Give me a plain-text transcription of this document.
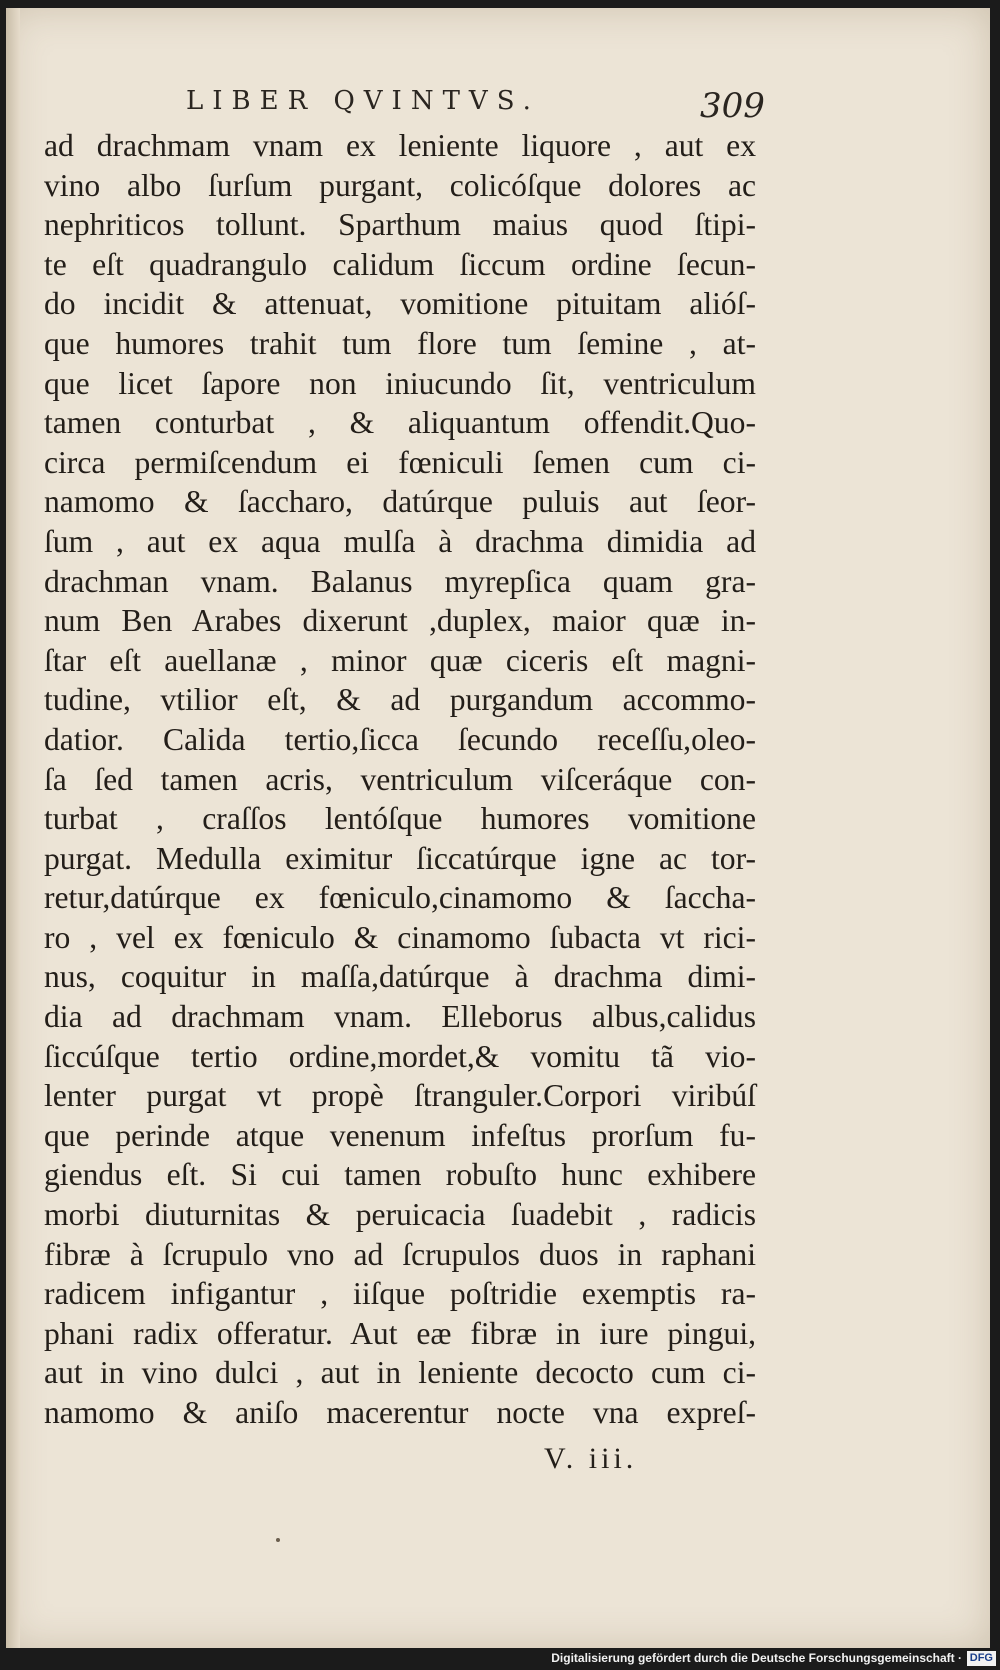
LIBER QVINTVS.	309
ad drachmam vnam ex leniente liquore , aut ex
vino albo ſurſum purgant, colicóſque dolores ac
nephriticos tollunt. Sparthum maius quod ſtipi-
te eſt quadrangulo calidum ſiccum ordine ſecun-
do incidit & attenuat, vomitione pituitam alióſ-
que humores trahit tum flore tum ſemine , at-
que licet ſapore non iniucundo ſit, ventriculum
tamen conturbat , & aliquantum offendit.Quo-
circa permiſcendum ei fœniculi ſemen cum ci-
namomo & ſaccharo, datúrque puluis aut ſeor-
ſum , aut ex aqua mulſa à drachma dimidia ad
drachman vnam. Balanus myrepſica quam gra-
num Ben Arabes dixerunt ,duplex, maior quæ in-
ſtar eſt auellanæ , minor quæ ciceris eſt magni-
tudine, vtilior eſt, & ad purgandum accommo-
datior. Calida tertio,ſicca ſecundo receſſu,oleo-
ſa ſed tamen acris, ventriculum viſceráque con-
turbat , craſſos lentóſque humores vomitione
purgat. Medulla eximitur ſiccatúrque igne ac tor-
retur,datúrque ex fœniculo,cinamomo & ſaccha-
ro , vel ex fœniculo & cinamomo ſubacta vt rici-
nus, coquitur in maſſa,datúrque à drachma dimi-
dia ad drachmam vnam. Elleborus albus,calidus
ſiccúſque tertio ordine,mordet,& vomitu tã vio-
lenter purgat vt propè ſtranguler.Corpori viribúſ
que perinde atque venenum infeſtus prorſum fu-
giendus eſt. Si cui tamen robuſto hunc exhibere
morbi diuturnitas & peruicacia ſuadebit , radicis
fibræ à ſcrupulo vno ad ſcrupulos duos in raphani
radicem infigantur , iiſque poſtridie exemptis ra-
phani radix offeratur. Aut eæ fibræ in iure pingui,
aut in vino dulci , aut in leniente decocto cum ci-
namomo & aniſo macerentur nocte vna expreſ-
V. iii.
Digitalisierung gefördert durch die Deutsche Forschungsgemeinschaft · DFG
